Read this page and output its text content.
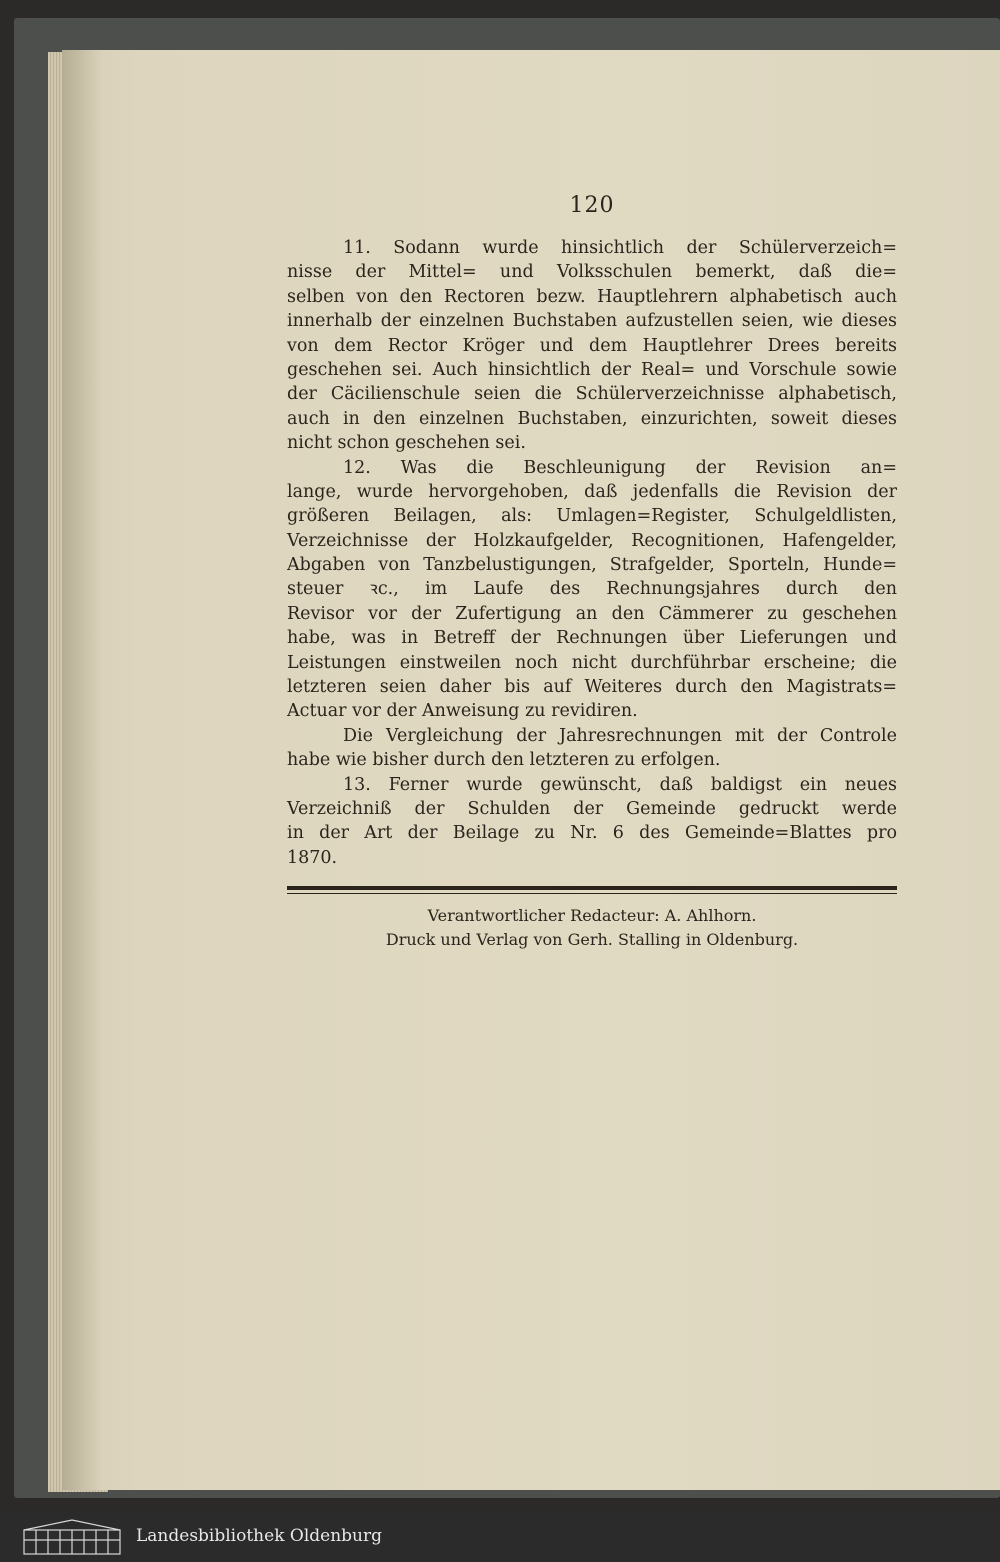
120
11. Sodann wurde hinsichtlich der Schülerverzeich=
nisse der Mittel= und Volksschulen bemerkt, daß die=
selben von den Rectoren bezw. Hauptlehrern alphabetisch auch
innerhalb der einzelnen Buchstaben aufzustellen seien, wie dieses
von dem Rector Kröger und dem Hauptlehrer Drees bereits
geschehen sei. Auch hinsichtlich der Real= und Vorschule sowie
der Cäcilienschule seien die Schülerverzeichnisse alphabetisch,
auch in den einzelnen Buchstaben, einzurichten, soweit dieses
nicht schon geschehen sei.
12. Was die Beschleunigung der Revision an=
lange, wurde hervorgehoben, daß jedenfalls die Revision der
größeren Beilagen, als: Umlagen=Register, Schulgeldlisten,
Verzeichnisse der Holzkaufgelder, Recognitionen, Hafengelder,
Abgaben von Tanzbelustigungen, Strafgelder, Sporteln, Hunde=
steuer ꝛc., im Laufe des Rechnungsjahres durch den
Revisor vor der Zufertigung an den Cämmerer zu geschehen
habe, was in Betreff der Rechnungen über Lieferungen und
Leistungen einstweilen noch nicht durchführbar erscheine; die
letzteren seien daher bis auf Weiteres durch den Magistrats=
Actuar vor der Anweisung zu revidiren.
Die Vergleichung der Jahresrechnungen mit der Controle
habe wie bisher durch den letzteren zu erfolgen.
13. Ferner wurde gewünscht, daß baldigst ein neues
Verzeichniß der Schulden der Gemeinde gedruckt werde
in der Art der Beilage zu Nr. 6 des Gemeinde=Blattes pro
1870.
Verantwortlicher Redacteur: A. Ahlhorn.
Druck und Verlag von Gerh. Stalling in Oldenburg.
Landesbibliothek Oldenburg
